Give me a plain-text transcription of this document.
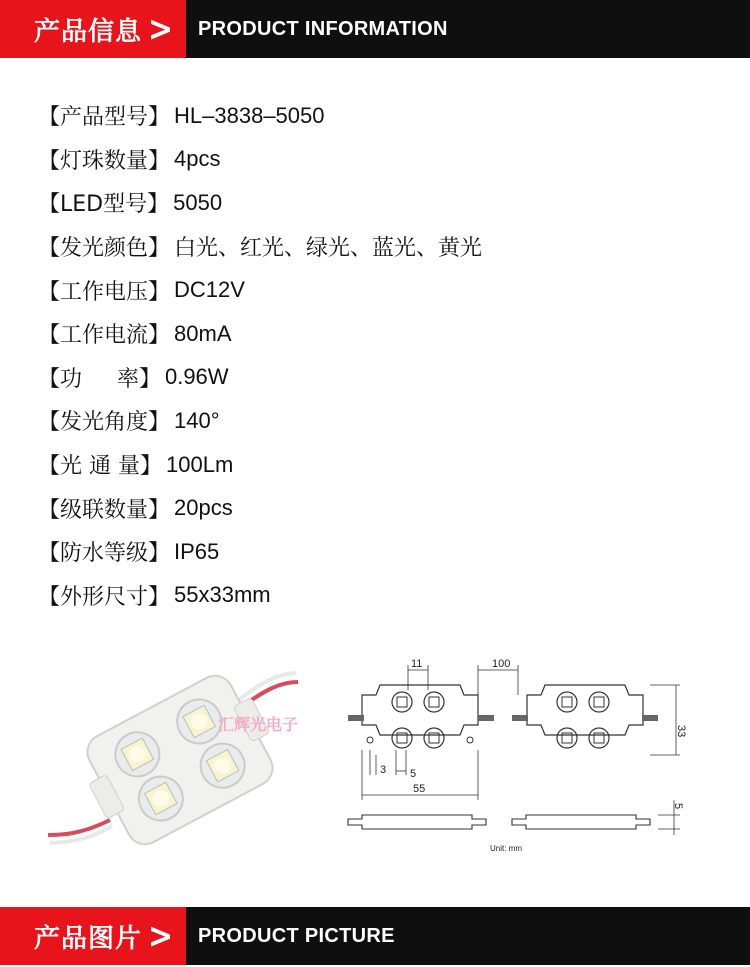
产品信息 > PRODUCT INFORMATION
【产品型号】 HL–3838–5050
【灯珠数量】 4pcs
【LED型号】 5050
【发光颜色】 白光、红光、绿光、蓝光、黄光
【工作电压】 DC12V
【工作电流】 80mA
【功     率】 0.96W
【发光角度】 140°
【光 通 量】 100Lm
【级联数量】 20pcs
【防水等级】 IP65
【外形尺寸】 55x33mm
汇辉光电子
11	100
33
3 5
55
5
Unit: mm
产品图片 > PRODUCT PICTURE
